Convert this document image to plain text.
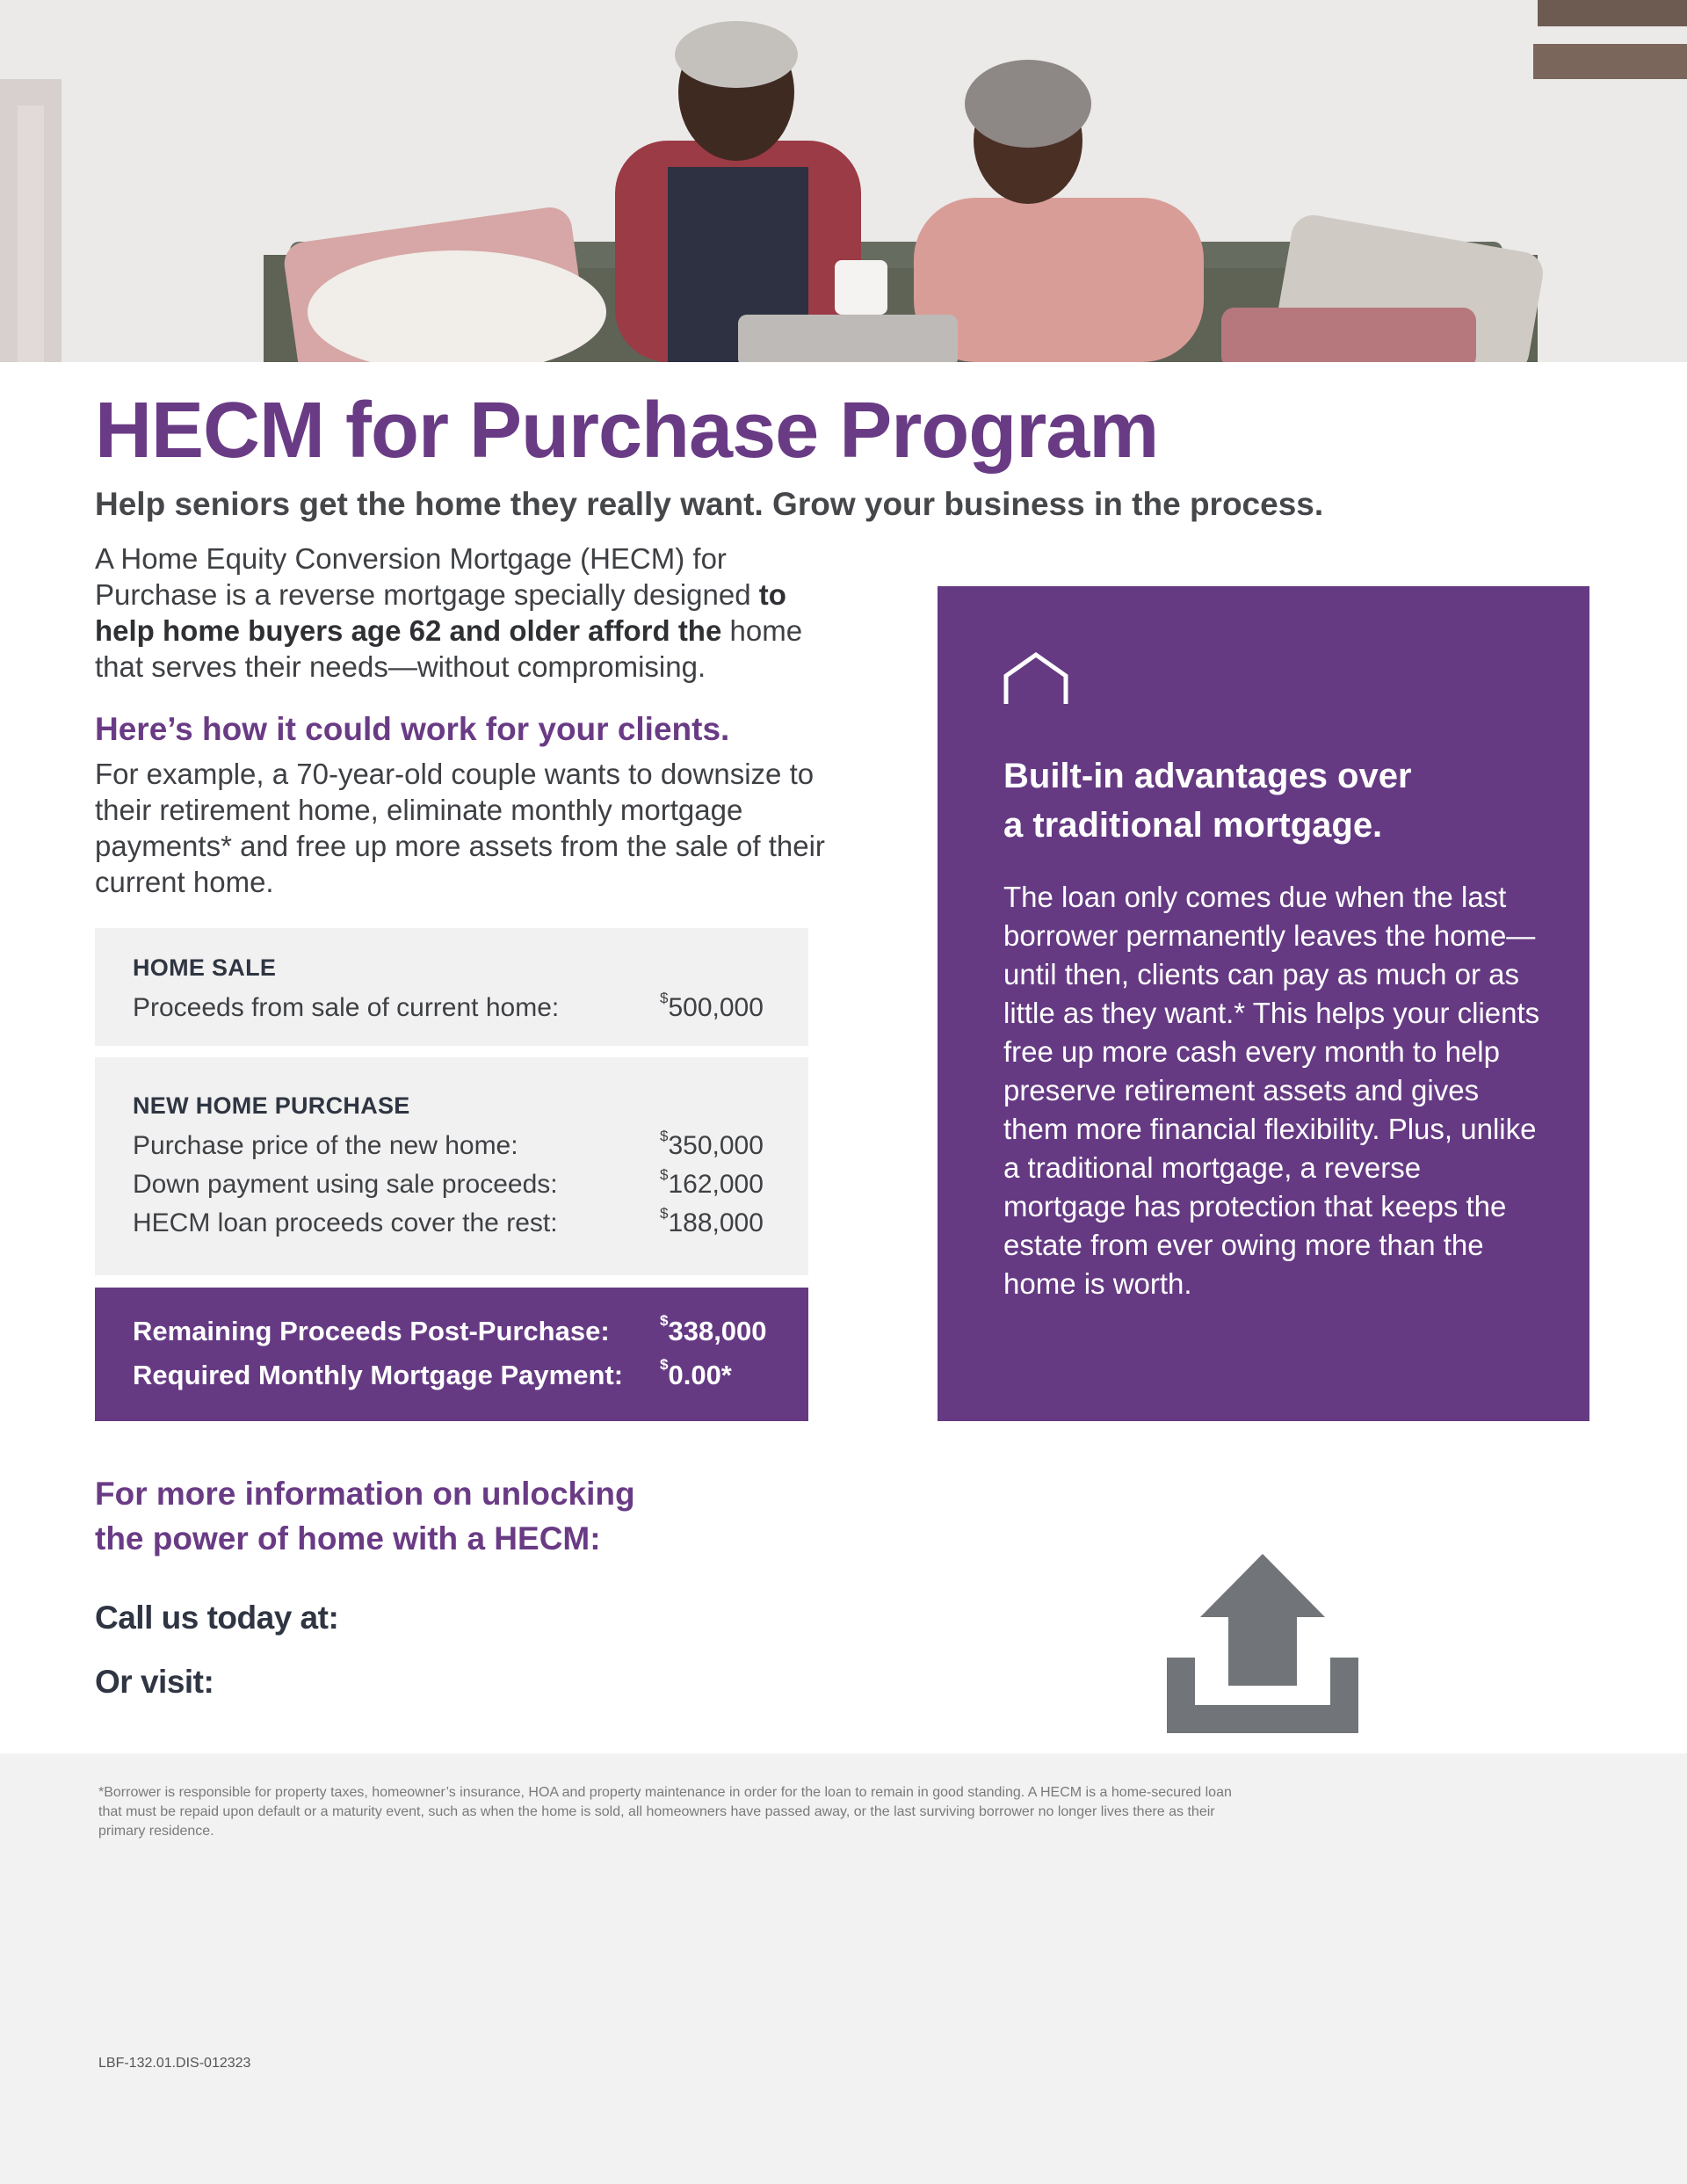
HECM for Purchase Program
Help seniors get the home they really want. Grow your business in the process.
A Home Equity Conversion Mortgage (HECM) for Purchase is a reverse mortgage specially designed to help home buyers age 62 and older afford the home that serves their needs—without compromising.
Here’s how it could work for your clients.
For example, a 70-year-old couple wants to downsize to their retirement home, eliminate monthly mortgage payments* and free up more assets from the sale of their current home.
HOME SALE
Proceeds from sale of current home:	$500,000
NEW HOME PURCHASE
Purchase price of the new home:	$350,000
Down payment using sale proceeds:	$162,000
HECM loan proceeds cover the rest:	$188,000
Remaining Proceeds Post-Purchase:	$338,000
Required Monthly Mortgage Payment: $0.00*
Built-in advantages over
a traditional mortgage.

The loan only comes due when the last borrower permanently leaves the home—until then, clients can pay as much or as little as they want.* This helps your clients free up more cash every month to help preserve retirement assets and gives them more financial flexibility. Plus, unlike a traditional mortgage, a reverse mortgage has protection that keeps the estate from ever owing more than the home is worth.

For more information on unlocking
the power of home with a HECM:
Call us today at:
Or visit:
*Borrower is responsible for property taxes, homeowner’s insurance, HOA and property maintenance in order for the loan to remain in good standing. A HECM is a home-secured loan that must be repaid upon default or a maturity event, such as when the home is sold, all homeowners have passed away, or the last surviving borrower no longer lives there as their primary residence.
LBF-132.01.DIS-012323
